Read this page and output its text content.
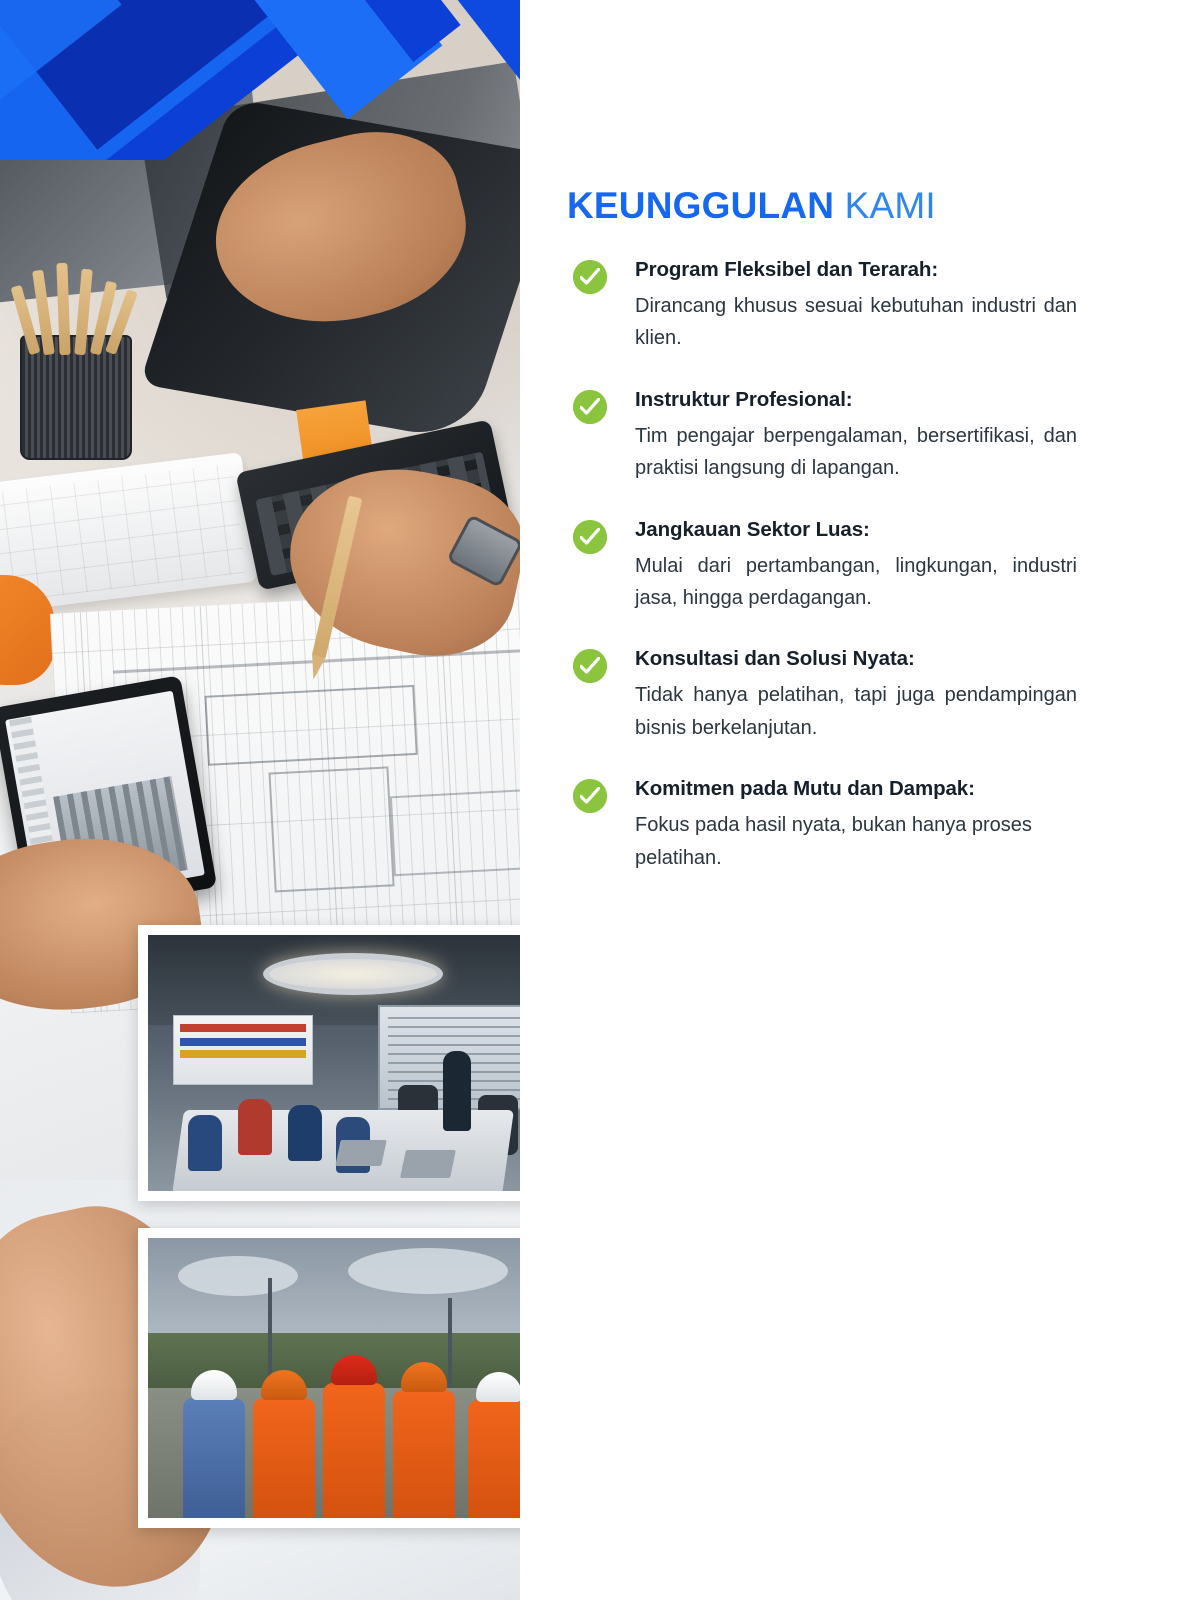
KEUNGGULAN KAMI
Program Fleksibel dan Terarah:

Dirancang khusus sesuai kebutuhan industri dan klien.

Instruktur Profesional:

Tim pengajar berpengalaman, bersertifikasi, dan praktisi langsung di lapangan.

Jangkauan Sektor Luas:

Mulai dari pertambangan, lingkungan, industri jasa, hingga perdagangan.

Konsultasi dan Solusi Nyata:

Tidak hanya pelatihan, tapi juga pendampingan bisnis berkelanjutan.

Komitmen pada Mutu dan Dampak:

Fokus pada hasil nyata, bukan hanya proses pelatihan.
